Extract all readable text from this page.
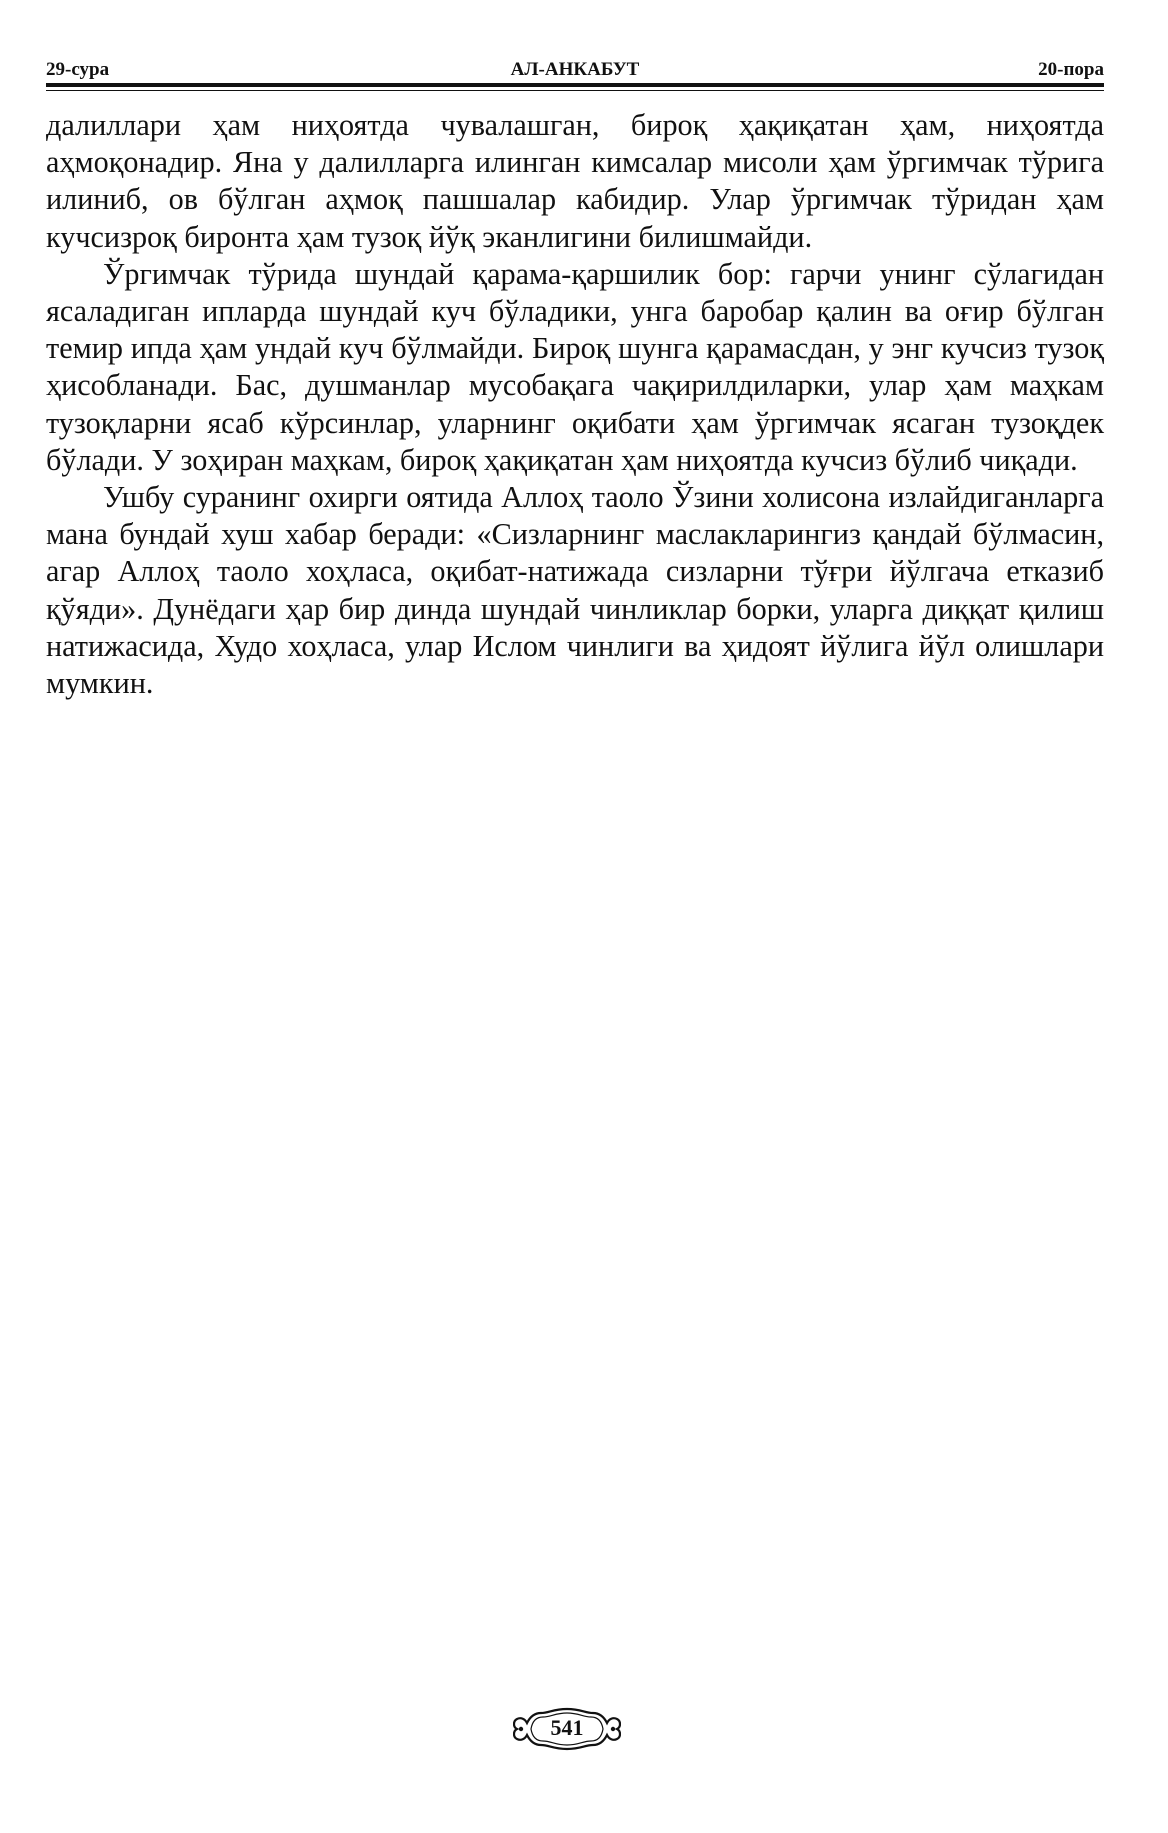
29-сура	АЛ-АНКАБУТ	20-пора

далиллари ҳам ниҳоятда чувалашган, бироқ ҳақиқатан ҳам, ниҳоятда аҳмоқонадир. Яна у далилларга илинган кимсалар мисоли ҳам ўргимчак тўрига илиниб, ов бўлган аҳмоқ пашшалар кабидир. Улар ўргимчак тўридан ҳам кучсизроқ биронта ҳам тузоқ йўқ эканлигини билишмайди.

Ўргимчак тўрида шундай қарама-қаршилик бор: гарчи унинг сўлагидан ясаладиган ипларда шундай куч бўладики, унга баробар қалин ва оғир бўлган темир ипда ҳам ундай куч бўлмайди. Бироқ шунга қарамасдан, у энг кучсиз тузоқ ҳисобланади. Бас, душманлар мусобақага чақирилдиларки, улар ҳам маҳкам тузоқларни ясаб кўрсинлар, уларнинг оқибати ҳам ўргимчак ясаган тузоқдек бўлади. У зоҳиран маҳкам, бироқ ҳақиқатан ҳам ниҳоятда кучсиз бўлиб чиқади.

Ушбу суранинг охирги оятида Аллоҳ таоло Ўзини холисона излайдиганларга мана бундай хуш хабар беради: «Сизларнинг маслакларингиз қандай бўлмасин, агар Аллоҳ таоло хоҳласа, оқибат-натижада сизларни тўғри йўлгача етказиб қўяди». Дунёдаги ҳар бир динда шундай чинликлар борки, уларга диққат қилиш натижасида, Худо хоҳласа, улар Ислом чинлиги ва ҳидоят йўлига йўл олишлари мумкин.

541
